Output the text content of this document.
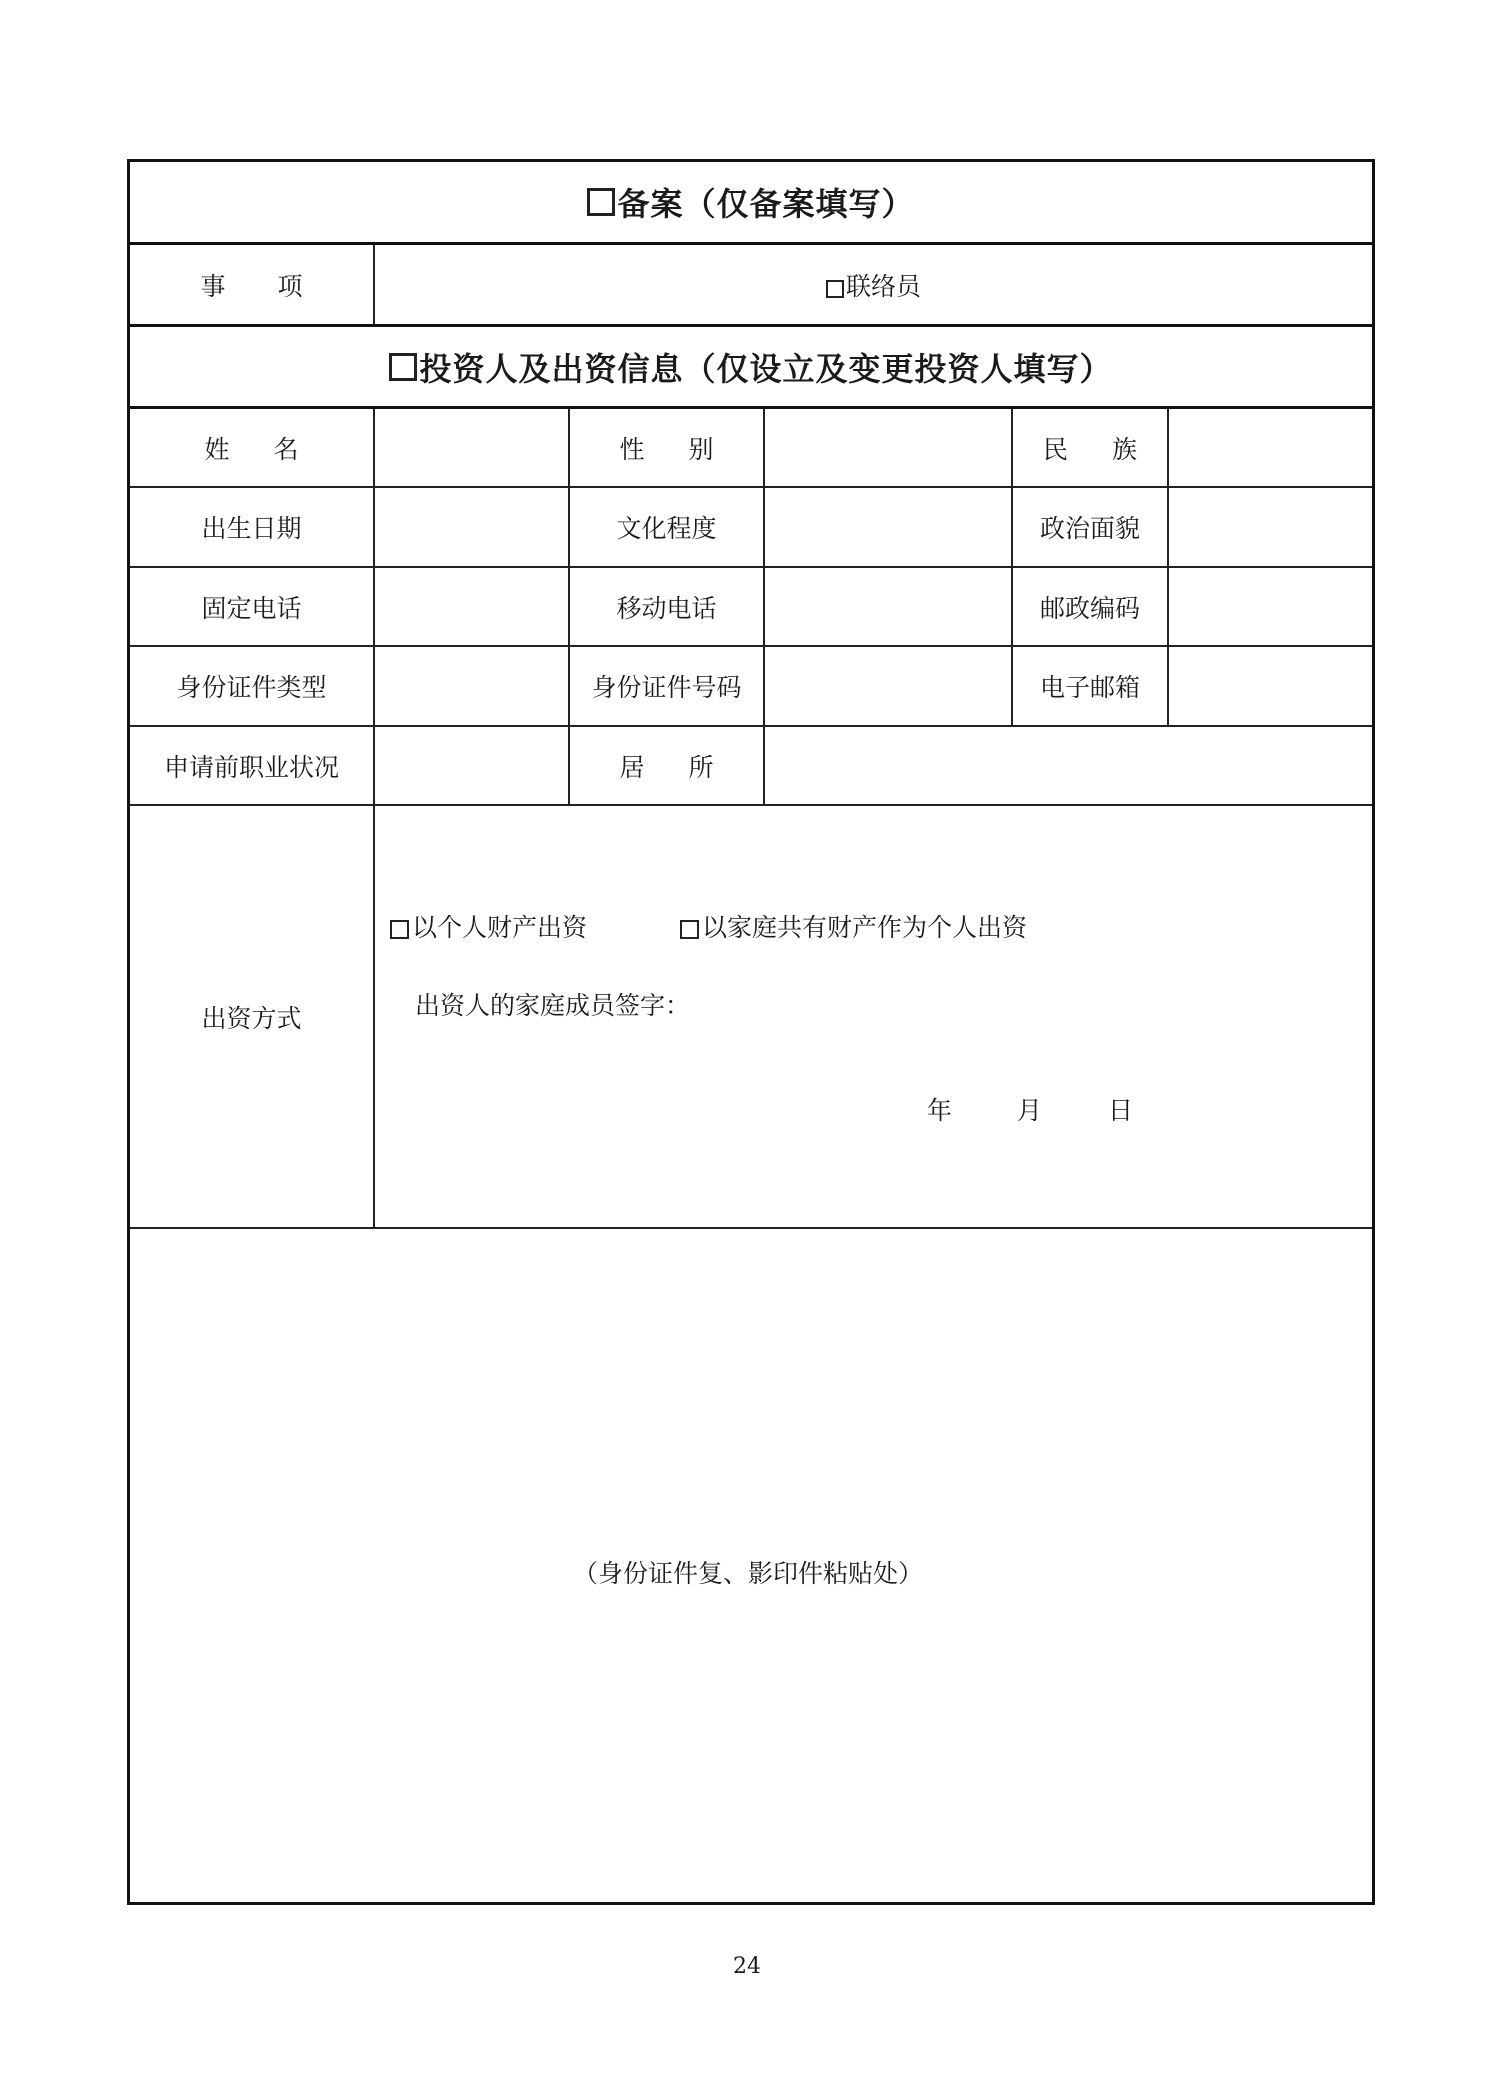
备案（仅备案填写）
事项	联络员
投资人及出资信息（仅设立及变更投资人填写）
姓名	性别	民族
出生日期	文化程度	政治面貌
固定电话	移动电话	邮政编码
身份证件类型	身份证件号码	电子邮箱
申请前职业状况	居所
出资方式
以个人财产出资	以家庭共有财产作为个人出资
出资人的家庭成员签字：
年	月	日
（身份证件复、影印件粘贴处）
24
